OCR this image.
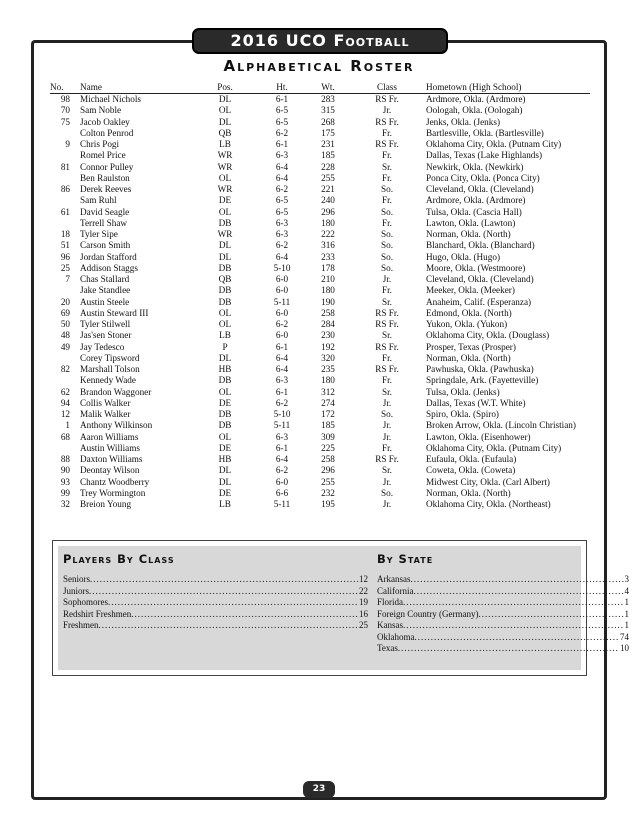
2016 UCO Football
Alphabetical Roster
No.	Name	Pos.	Ht.	Wt.	Class	Hometown (High School)
98 Michael Nichols	DL	6-1	283	RS Fr.	Ardmore, Okla. (Ardmore)
70 Sam Noble	OL	6-5	315	Jr.	Oologah, Okla. (Oologah)
75 Jacob Oakley	DL	6-5	268	RS Fr.	Jenks, Okla. (Jenks)
Colton Penrod	QB	6-2	175	Fr.	Bartlesville, Okla. (Bartlesville)
9 Chris Pogi	LB	6-1	231	RS Fr.	Oklahoma City, Okla. (Putnam City)
Romel Price	WR	6-3	185	Fr.	Dallas, Texas (Lake Highlands)
81 Connor Pulley	WR	6-4	228	Sr.	Newkirk, Okla. (Newkirk)
Ben Raulston	OL	6-4	255	Fr.	Ponca City, Okla. (Ponca City)
86 Derek Reeves	WR	6-2	221	So.	Cleveland, Okla. (Cleveland)
Sam Ruhl	DE	6-5	240	Fr.	Ardmore, Okla. (Ardmore)
61 David Seagle	OL	6-5	296	So.	Tulsa, Okla. (Cascia Hall)
Terrell Shaw	DB	6-3	180	Fr.	Lawton, Okla. (Lawton)
18 Tyler Sipe	WR	6-3	222	So.	Norman, Okla. (North)
51 Carson Smith	DL	6-2	316	So.	Blanchard, Okla. (Blanchard)
96 Jordan Stafford	DL	6-4	233	So.	Hugo, Okla. (Hugo)
25 Addison Staggs	DB	5-10	178	So.	Moore, Okla. (Westmoore)
7 Chas Stallard	QB	6-0	210	Jr.	Cleveland, Okla. (Cleveland)
Jake Standlee	DB	6-0	180	Fr.	Meeker, Okla. (Meeker)
20 Austin Steele	DB	5-11	190	Sr.	Anaheim, Calif. (Esperanza)
69 Austin Steward III	OL	6-0	258	RS Fr.	Edmond, Okla. (North)
50 Tyler Stilwell	OL	6-2	284	RS Fr.	Yukon, Okla. (Yukon)
48 Jas'sen Stoner	LB	6-0	230	Sr.	Oklahoma City, Okla. (Douglass)
49 Jay Tedesco	P	6-1	192	RS Fr.	Prosper, Texas (Prosper)
Corey Tipsword	DL	6-4	320	Fr.	Norman, Okla. (North)
82 Marshall Tolson	HB	6-4	235	RS Fr.	Pawhuska, Okla. (Pawhuska)
Kennedy Wade	DB	6-3	180	Fr.	Springdale, Ark. (Fayetteville)
62 Brandon Waggoner	OL	6-1	312	Sr.	Tulsa, Okla. (Jenks)
94 Collis Walker	DE	6-2	274	Jr.	Dallas, Texas (W.T. White)
12 Malik Walker	DB	5-10	172	So.	Spiro, Okla. (Spiro)
1 Anthony Wilkinson	DB	5-11	185	Jr.	Broken Arrow, Okla. (Lincoln Christian)
68 Aaron Williams	OL	6-3	309	Jr.	Lawton, Okla. (Eisenhower)
Austin Williams	DE	6-1	225	Fr.	Oklahoma City, Okla. (Putnam City)
88 Daxton Williams	HB	6-4	258	RS Fr.	Eufaula, Okla. (Eufaula)
90 Deontay Wilson	DL	6-2	296	Sr.	Coweta, Okla. (Coweta)
93 Chantz Woodberry	DL	6-0	255	Jr.	Midwest City, Okla. (Carl Albert)
99 Trey Wormington	DE	6-6	232	So.	Norman, Okla. (North)
32 Breion Young	LB	5-11	195	Jr.	Oklahoma City, Okla. (Northeast)
Players By Class
Seniors .....	12
Juniors .....	22
Sophomores .....	19
Redshirt Freshmen .....	16
Freshmen .....	25
By State
Arkansas .....	3
California .....	4
Florida .....	1
Foreign Country (Germany) .....	1
Kansas .....	1
Oklahoma .....	74
Texas .....	10
23
